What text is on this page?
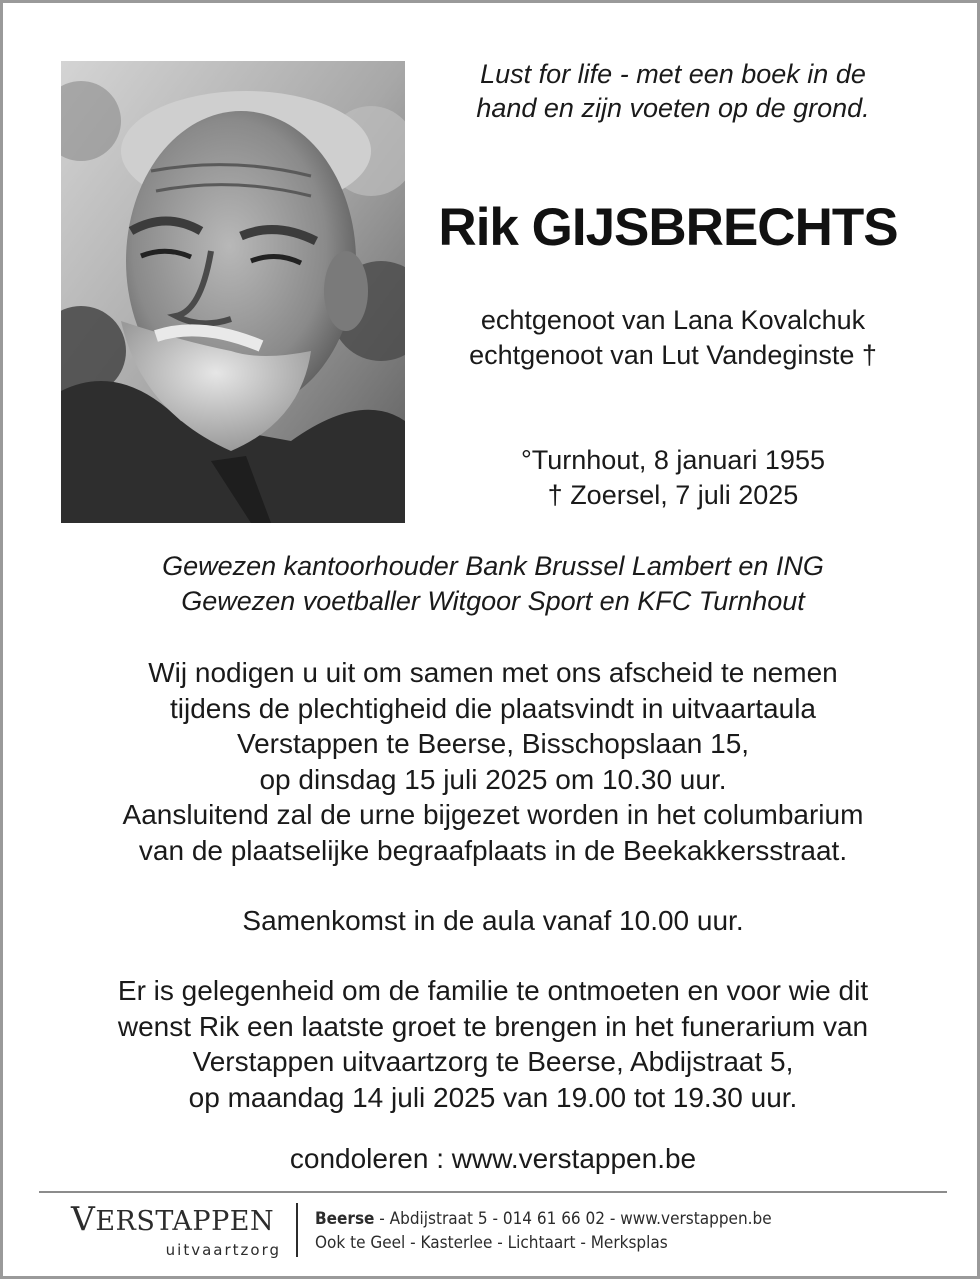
Lust for life - met een boek in de
hand en zijn voeten op de grond.
Rik GIJSBRECHTS
echtgenoot van Lana Kovalchuk
echtgenoot van Lut Vandeginste †
°Turnhout, 8 januari 1955
† Zoersel, 7 juli 2025
Gewezen kantoorhouder Bank Brussel Lambert en ING
Gewezen voetballer Witgoor Sport en KFC Turnhout
Wij nodigen u uit om samen met ons afscheid te nemen
tijdens de plechtigheid die plaatsvindt in uitvaartaula
Verstappen te Beerse, Bisschopslaan 15,
op dinsdag 15 juli 2025 om 10.30 uur.
Aansluitend zal de urne bijgezet worden in het columbarium
van de plaatselijke begraafplaats in de Beekakkersstraat.
Samenkomst in de aula vanaf 10.00 uur.
Er is gelegenheid om de familie te ontmoeten en voor wie dit
wenst Rik een laatste groet te brengen in het funerarium van
Verstappen uitvaartzorg te Beerse, Abdijstraat 5,
op maandag 14 juli 2025 van 19.00 tot 19.30 uur.
condoleren : www.verstappen.be
VERSTAPPEN
uitvaartzorg
Beerse - Abdijstraat 5 - 014 61 66 02 - www.verstappen.be
Ook te Geel - Kasterlee - Lichtaart - Merksplas
